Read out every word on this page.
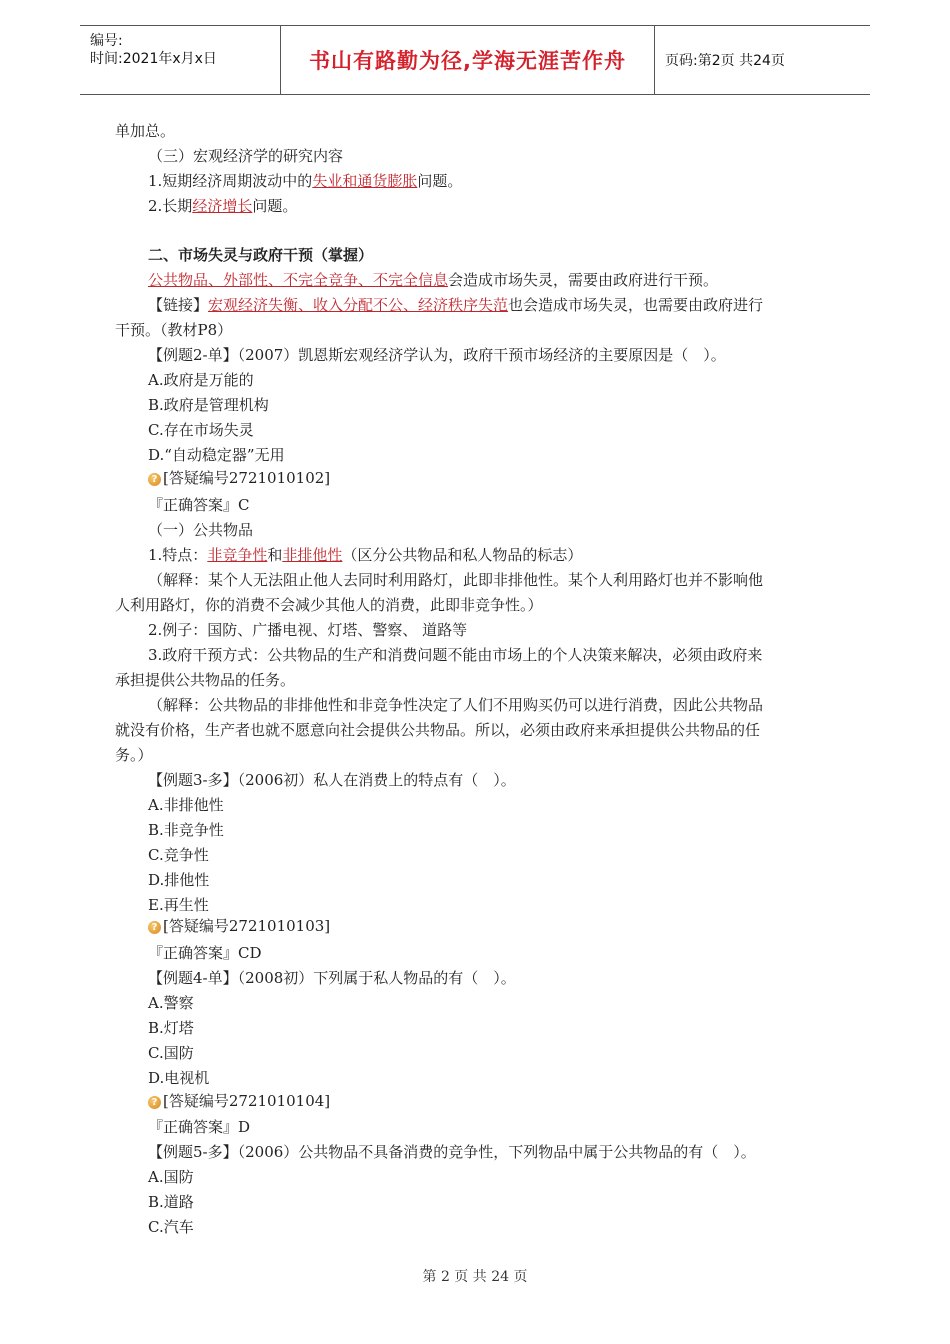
编号:
时间:2021年x月x日	书山有路勤为径,学海无涯苦作舟	页码:第2页 共24页
单加总。
（三）宏观经济学的研究内容
1.短期经济周期波动中的失业和通货膨胀问题。
2.长期经济增长问题。
二、市场失灵与政府干预（掌握）
公共物品、外部性、不完全竞争、不完全信息会造成市场失灵，需要由政府进行干预。
【链接】宏观经济失衡、收入分配不公、经济秩序失范也会造成市场失灵，也需要由政府进行
干预。（教材P8）
【例题2-单】（2007）凯恩斯宏观经济学认为，政府干预市场经济的主要原因是（　）。
A.政府是万能的
B.政府是管理机构
C.存在市场失灵
D.“自动稳定器”无用
? [答疑编号2721010102]
『正确答案』C
（一）公共物品
1.特点：非竞争性和非排他性（区分公共物品和私人物品的标志）
（解释：某个人无法阻止他人去同时利用路灯，此即非排他性。某个人利用路灯也并不影响他
人利用路灯，你的消费不会减少其他人的消费，此即非竞争性。）
2.例子：国防、广播电视、灯塔、警察、 道路等
3.政府干预方式：公共物品的生产和消费问题不能由市场上的个人决策来解决，必须由政府来
承担提供公共物品的任务。
（解释：公共物品的非排他性和非竞争性决定了人们不用购买仍可以进行消费，因此公共物品
就没有价格，生产者也就不愿意向社会提供公共物品。所以，必须由政府来承担提供公共物品的任
务。）
【例题3-多】（2006初）私人在消费上的特点有（　）。
A.非排他性
B.非竞争性
C.竞争性
D.排他性
E.再生性
? [答疑编号2721010103]
『正确答案』CD
【例题4-单】（2008初）下列属于私人物品的有（　）。
A.警察
B.灯塔
C.国防
D.电视机
? [答疑编号2721010104]
『正确答案』D
【例题5-多】（2006）公共物品不具备消费的竞争性，下列物品中属于公共物品的有（　）。
A.国防
B.道路
C.汽车
第 2 页 共 24 页
